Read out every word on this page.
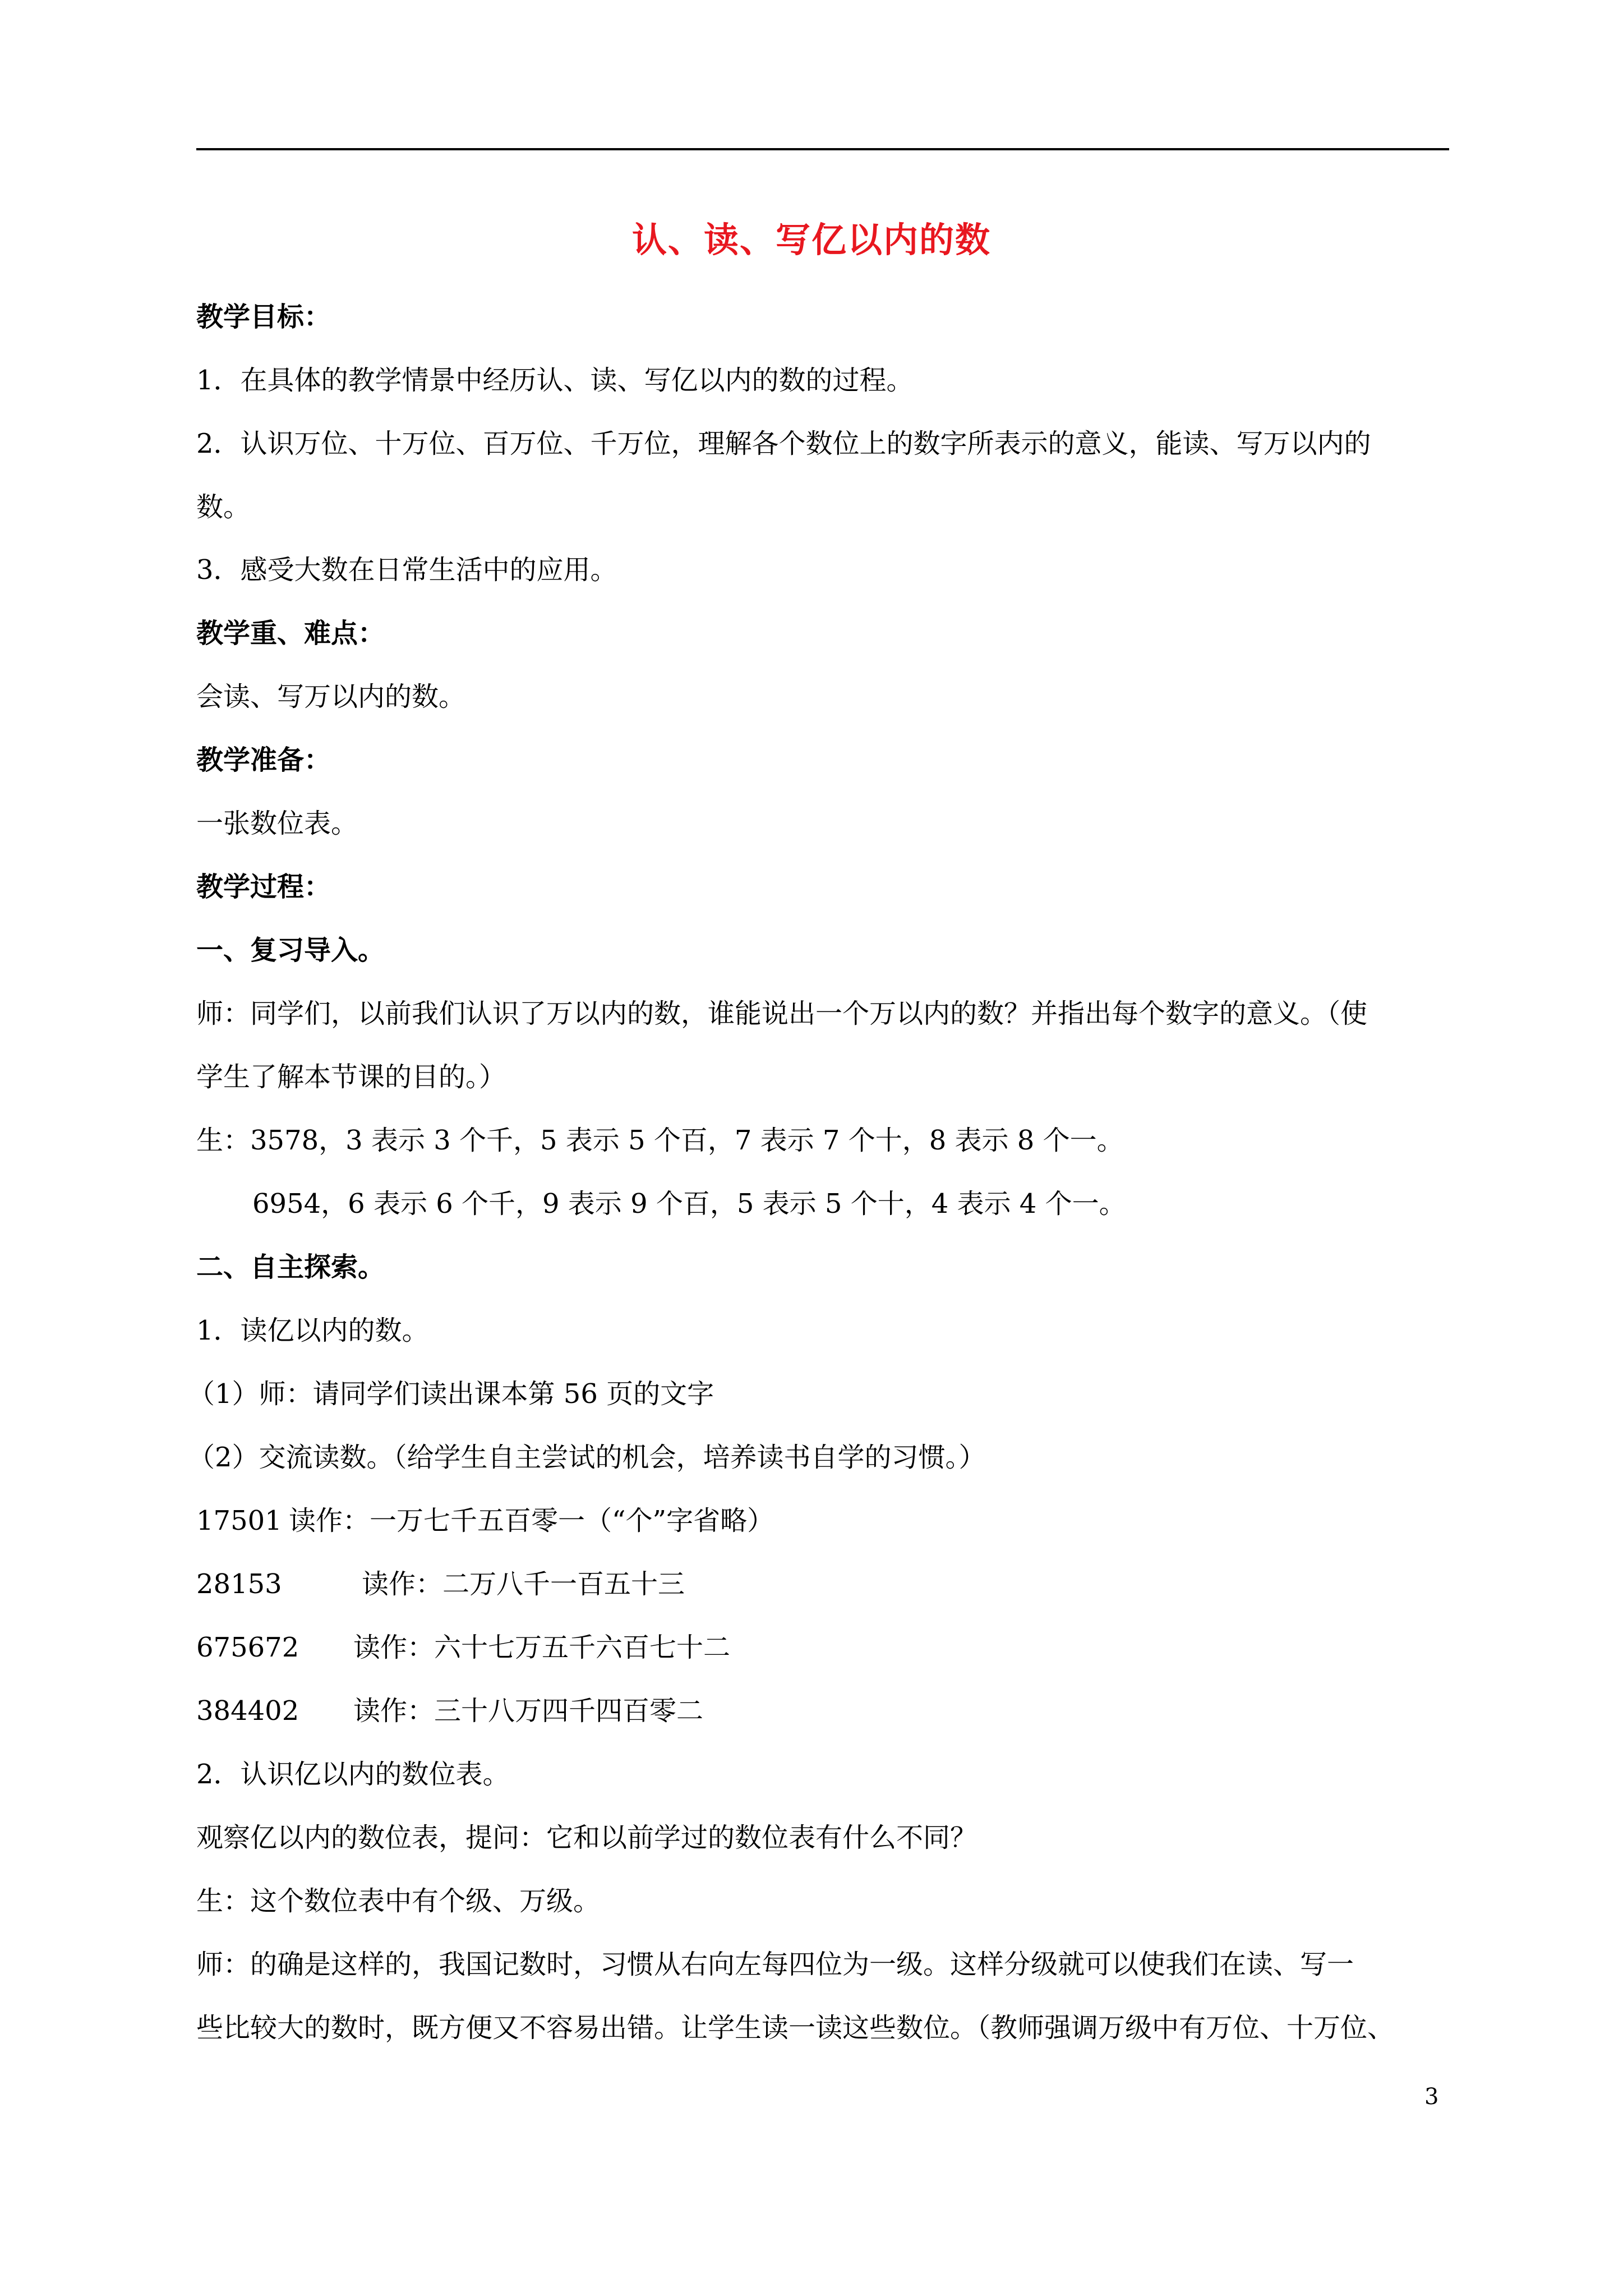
认、读、写亿以内的数
教学目标：
1．在具体的教学情景中经历认、读、写亿以内的数的过程。
2．认识万位、十万位、百万位、千万位，理解各个数位上的数字所表示的意义，能读、写万以内的
数。
3．感受大数在日常生活中的应用。
教学重、难点：
会读、写万以内的数。
教学准备：
一张数位表。
教学过程：
一、复习导入。
师：同学们，以前我们认识了万以内的数，谁能说出一个万以内的数？并指出每个数字的意义。（使
学生了解本节课的目的。）
生：3578，3 表示 3 个千，5 表示 5 个百，7 表示 7 个十，8 表示 8 个一。
6954，6 表示 6 个千，9 表示 9 个百，5 表示 5 个十，4 表示 4 个一。
二、自主探索。
1．读亿以内的数。
（1）师：请同学们读出课本第 56 页的文字
（2）交流读数。（给学生自主尝试的机会，培养读书自学的习惯。）
17501 读作：一万七千五百零一（“个”字省略）
28153	读作：二万八千一百五十三
675672 读作：六十七万五千六百七十二
384402 读作：三十八万四千四百零二
2．认识亿以内的数位表。
观察亿以内的数位表，提问：它和以前学过的数位表有什么不同？
生：这个数位表中有个级、万级。
师：的确是这样的，我国记数时，习惯从右向左每四位为一级。这样分级就可以使我们在读、写一
些比较大的数时，既方便又不容易出错。让学生读一读这些数位。（教师强调万级中有万位、十万位、
3
